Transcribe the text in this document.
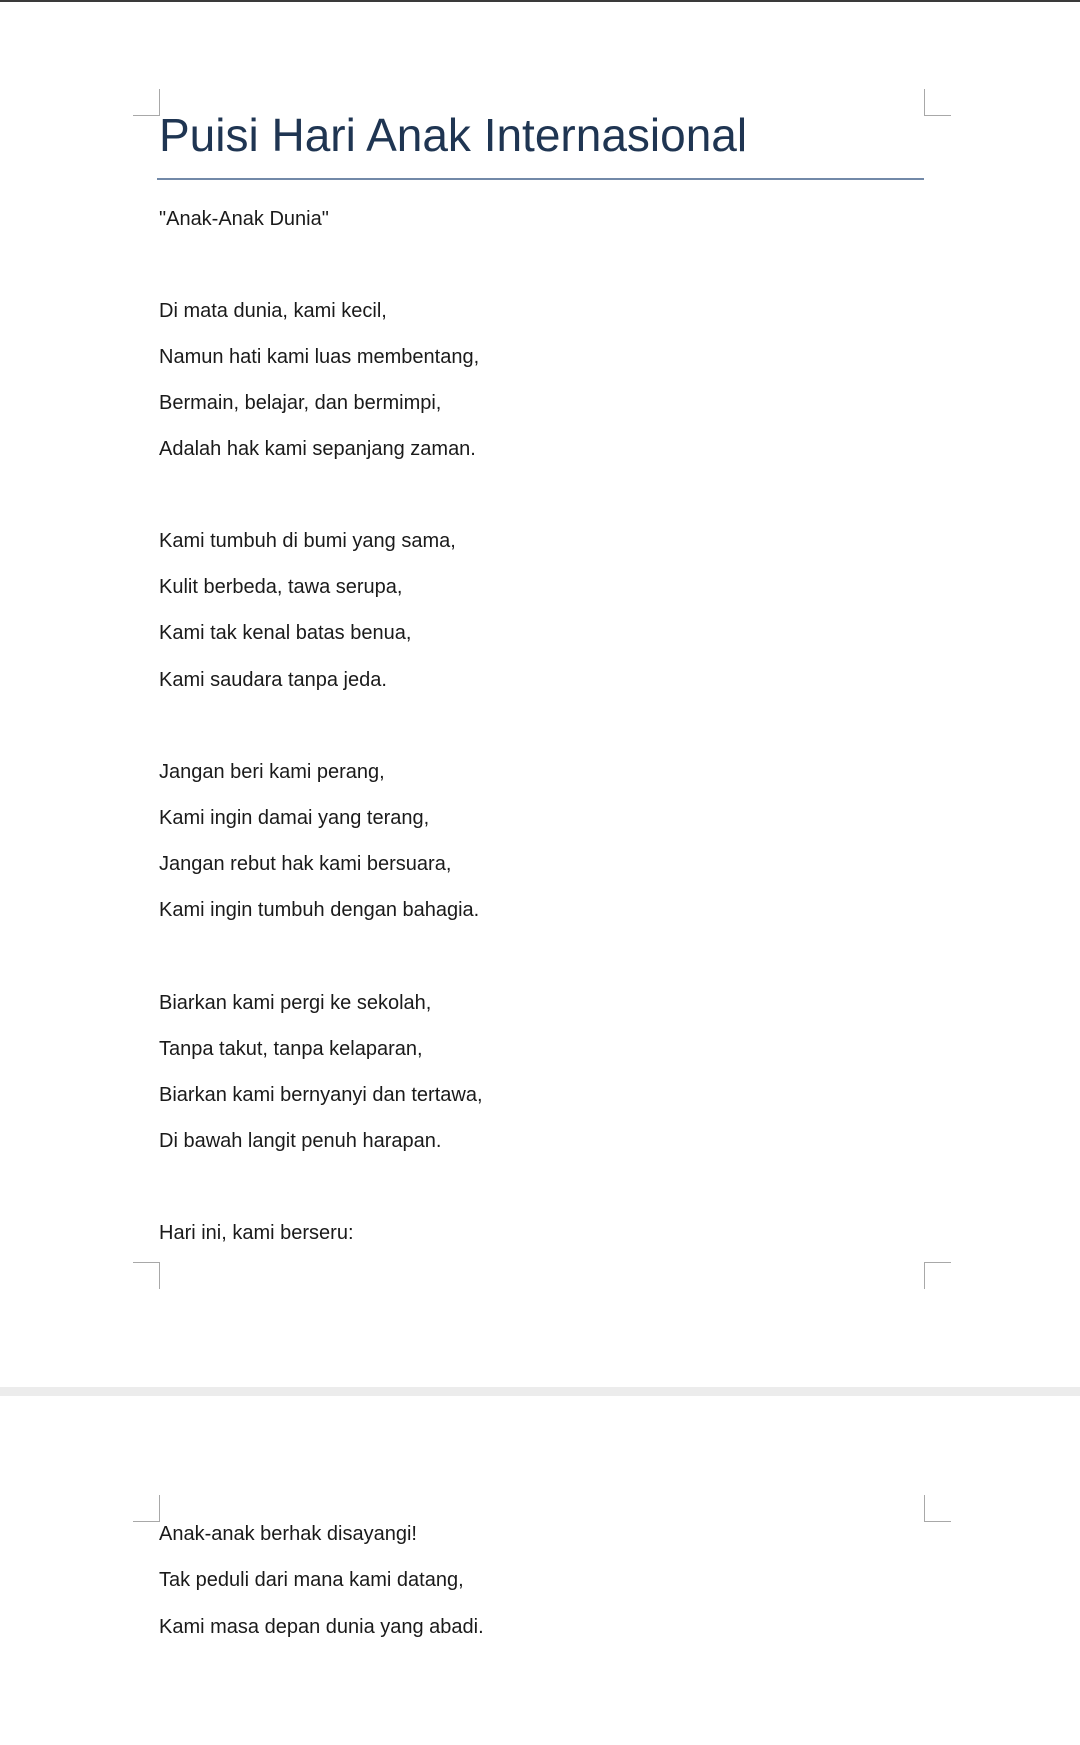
Puisi Hari Anak Internasional
"Anak-Anak Dunia"
Di mata dunia, kami kecil,
Namun hati kami luas membentang,
Bermain, belajar, dan bermimpi,
Adalah hak kami sepanjang zaman.
Kami tumbuh di bumi yang sama,
Kulit berbeda, tawa serupa,
Kami tak kenal batas benua,
Kami saudara tanpa jeda.
Jangan beri kami perang,
Kami ingin damai yang terang,
Jangan rebut hak kami bersuara,
Kami ingin tumbuh dengan bahagia.
Biarkan kami pergi ke sekolah,
Tanpa takut, tanpa kelaparan,
Biarkan kami bernyanyi dan tertawa,
Di bawah langit penuh harapan.
Hari ini, kami berseru:
Anak-anak berhak disayangi!
Tak peduli dari mana kami datang,
Kami masa depan dunia yang abadi.
